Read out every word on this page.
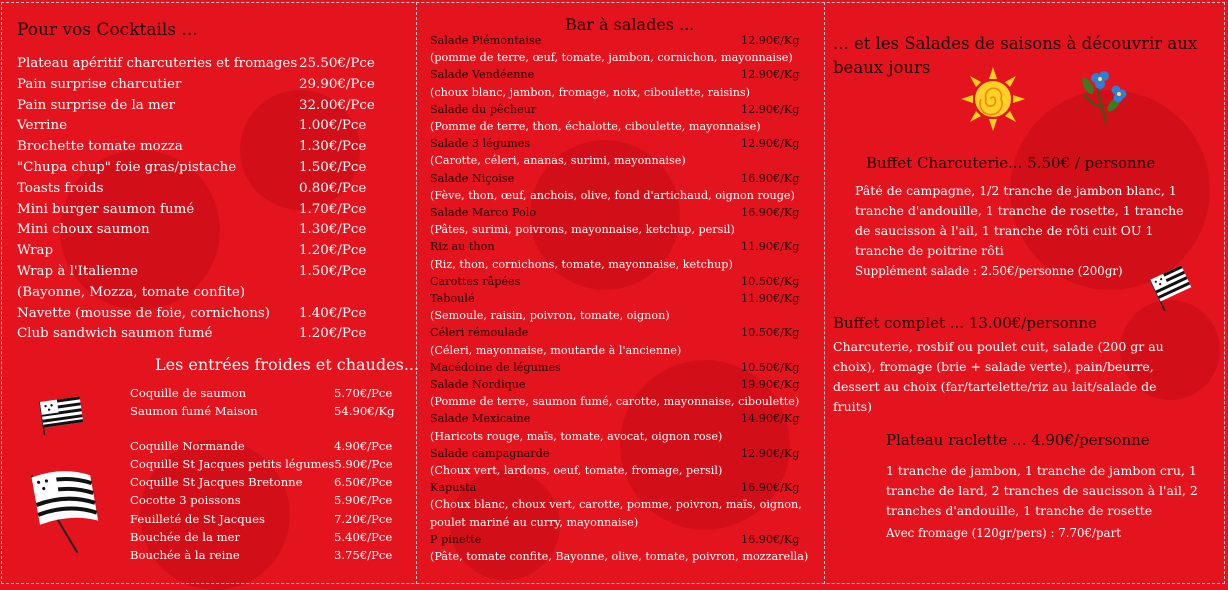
Pour vos Cocktails ...
Plateau apéritif charcuteries et fromages 25.50€/Pce
Pain surprise charcutier	29.90€/Pce
Pain surprise de la mer	32.00€/Pce
Verrine	1.00€/Pce
Brochette tomate mozza	1.30€/Pce
"Chupa chup" foie gras/pistache	1.50€/Pce
Toasts froids	0.80€/Pce
Mini burger saumon fumé	1.70€/Pce
Mini choux saumon	1.30€/Pce
Wrap	1.20€/Pce
Wrap à l'Italienne	1.50€/Pce
(Bayonne, Mozza, tomate confite)
Navette (mousse de foie, cornichons) 1.40€/Pce
Club sandwich saumon fumé	1.20€/Pce
Les entrées froides et chaudes...
Coquille de saumon	5.70€/Pce
Saumon fumé Maison	54.90€/Kg
Coquille Normande	4.90€/Pce
Coquille St Jacques petits légumes 5.90€/Pce
Coquille St Jacques Bretonne	6.50€/Pce
Cocotte 3 poissons	5.90€/Pce
Feuilleté de St Jacques	7.20€/Pce
Bouchée de la mer	5.40€/Pce
Bouchée à la reine	3.75€/Pce
Bar à salades ...
Salade Piémontaise	12.90€/Kg
(pomme de terre, œuf, tomate, jambon, cornichon, mayonnaise)
Salade Vendéenne	12.90€/Kg
(choux blanc, jambon, fromage, noix, ciboulette, raisins)
Salade du pêcheur	12.90€/Kg
(Pomme de terre, thon, échalotte, ciboulette, mayonnaise)
Salade 3 légumes	12.90€/Kg
(Carotte, céleri, ananas, surimi, mayonnaise)
Salade Niçoise	16.90€/Kg
(Fève, thon, œuf, anchois, olive, fond d'artichaud, oignon rouge)
Salade Marco Polo	16.90€/Kg
(Pâtes, surimi, poivrons, mayonnaise, ketchup, persil)
Riz au thon	11.90€/Kg
(Riz, thon, cornichons, tomate, mayonnaise, ketchup)
Carottes râpées	10.50€/Kg
Taboulé	11.90€/Kg
(Semoule, raisin, poivron, tomate, oignon)
Céleri rémoulade	10.50€/Kg
(Céleri, mayonnaise, moutarde à l'ancienne)
Macédoine de légumes	10.50€/Kg
Salade Nordique	19.90€/Kg
(Pomme de terre, saumon fumé, carotte, mayonnaise, ciboulette)
Salade Mexicaine	14.90€/Kg
(Haricots rouge, maïs, tomate, avocat, oignon rose)
Salade campagnarde	12.90€/Kg
(Choux vert, lardons, oeuf, tomate, fromage, persil)
Kapusta	16.90€/Kg
(Choux blanc, choux vert, carotte, pomme, poivron, maïs, oignon, poulet mariné au curry, mayonnaise)
P pinette	16.90€/Kg
(Pâte, tomate confite, Bayonne, olive, tomate, poivron, mozzarella)
... et les Salades de saisons à découvrir aux beaux jours
Buffet Charcuterie... 5.50€ / personne
Pâté de campagne, 1/2 tranche de jambon blanc, 1 tranche d'andouille, 1 tranche de rosette, 1 tranche de saucisson à l'ail, 1 tranche de rôti cuit OU 1 tranche de poitrine rôti
Supplément salade : 2.50€/personne (200gr)
Buffet complet ... 13.00€/personne
Charcuterie, rosbif ou poulet cuit, salade (200 gr au choix), fromage (brie + salade verte), pain/beurre, dessert au choix (far/tartelette/riz au lait/salade de fruits)
Plateau raclette ... 4.90€/personne
1 tranche de jambon, 1 tranche de jambon cru, 1 tranche de lard, 2 tranches de saucisson à l'ail, 2 tranches d'andouille, 1 tranche de rosette
Avec fromage (120gr/pers) : 7.70€/part
